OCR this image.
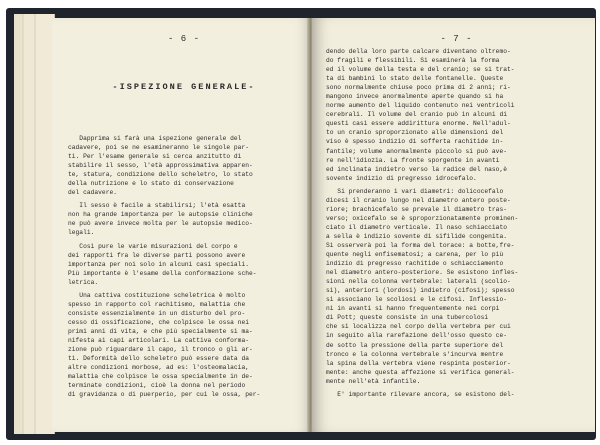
- 6 -
-ISPEZIONE GENERALE-
Dapprima si farà una ispezione generale del
cadavere, poi se ne esamineranno le singole par-
ti. Per l'esame generale si cerca anzitutto di
stabilire il sesso, l'età approssimativa apparen-
te, statura, condizione dello scheletro, lo stato
della nutrizione e lo stato di conservazione
del cadavere.
Il sesso è facile a stabilirsi; l'età esatta
non ha grande importanza per le autopsie cliniche
ne può avere invece molta per le autopsie medico-
legali.
Così pure le varie misurazioni del corpo e
dei rapporti fra le diverse parti possono avere
importanza per noi solo in alcuni casi speciali.
Più importante è l'esame della conformazione sche-
letrica.
Una cattiva costituzione scheletrica è molto
spesso in rapporto col rachitismo, malattia che
consiste essenzialmente in un disturbo del pro-
cesso di ossificazione, che colpisce le ossa nei
primi anni di vita, e che più specialmente si ma-
nifesta ai capi articolari. La cattiva conforma-
zione può riguardare il capo, il tronco o gli ar-
ti. Deformità dello scheletro può essere data da
altre condizioni morbose, ad es: l'osteomalacia,
malattia che colpisce le ossa specialmente in de-
terminate condizioni, cioè la donna nel periodo
di gravidanza o di puerperio, per cui le ossa, per-
- 7 -
dendo della loro parte calcare diventano oltremo-
do fragili e flessibili. Si esaminerà la forma
ed il volume della testa e del cranio; se si trat-
ta di bambini lo stato delle fontanelle. Queste
sono normalmente chiuse poco prima di 2 anni; ri-
mangono invece anormalmente aperte quando si ha
norme aumento del liquido contenuto nei ventricoli
cerebrali. Il volume del cranio può in alcuni di
questi casi essere addirittura enorme. Nell'adul-
to un cranio sproporzionato alle dimensioni del
viso è spesso indizio di sofferta rachitide in-
fantile; volume anormalmente piccolo si può ave-
re nell'idiozia. La fronte sporgente in avanti
ed inclinata indietro verso la radice del naso,è
sovente indizio di pregresso idrocefalo.
Si prenderanno i vari diametri: dolicocefalo
dicesi il cranio lungo nel diametro antero poste-
riore; brachicefalo se prevale il diametro tras-
verso; oxicefalo se è sproporzionatamente prominen-
ciato il diametro verticale. Il naso schiacciato
a sella è indizio sovente di sifilide congenita.
Si osserverà poi la forma del torace: a botte,fre-
quente negli enfisematosi; a carena, per lo più
indizio di pregresso rachitide o schiacciamento
nel diametro antero-posteriore. Se esistono infles-
sioni nella colonna vertebrale: laterali (scolio-
si), anteriori (lordosi) indietro (cifosi); spesso
si associano le scoliosi e le cifosi. Inflessio-
ni in avanti si hanno frequentemente nei corpi
di Pott; queste consiste in una tubercolosi
che si localizza nel corpo della vertebra per cui
in seguito alla rarefazione dell'osso questo ce-
de sotto la pressione della parte superiore del
tronco e la colonna vertebrale s'incurva mentre
la spina della vertebra viene respinta posterior-
mente: anche questa affezione si verifica general-
mente nell'età infantile.
E' importante rilevare ancora, se esistono del-
